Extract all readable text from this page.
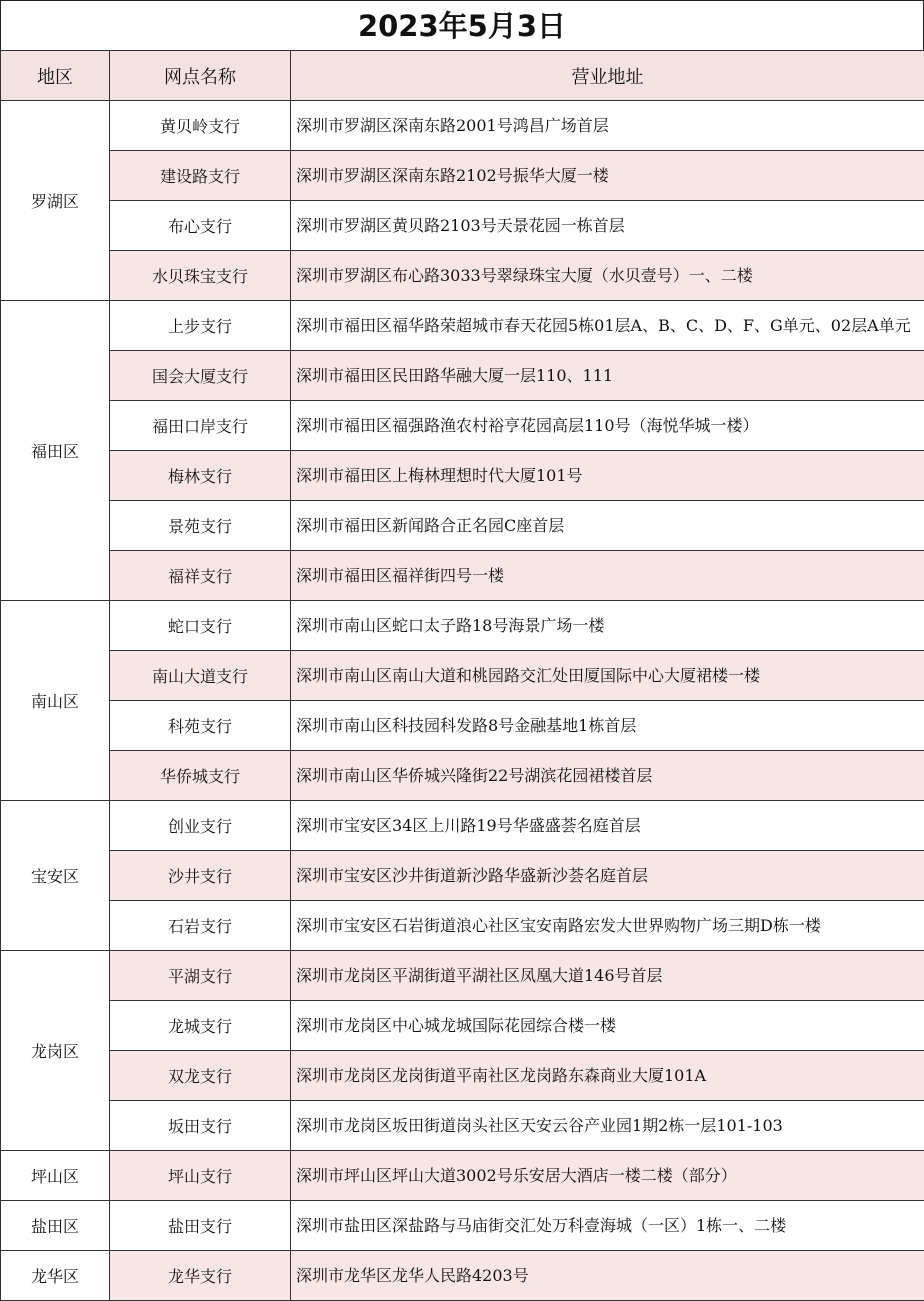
2023年5月3日
地区	网点名称	营业地址
罗湖区	黄贝岭支行	深圳市罗湖区深南东路2001号鸿昌广场首层
	建设路支行	深圳市罗湖区深南东路2102号振华大厦一楼
	布心支行	深圳市罗湖区黄贝路2103号天景花园一栋首层
	水贝珠宝支行	深圳市罗湖区布心路3033号翠绿珠宝大厦（水贝壹号）一、二楼
福田区	上步支行	深圳市福田区福华路荣超城市春天花园5栋01层A、B、C、D、F、G单元、02层A单元
	国会大厦支行	深圳市福田区民田路华融大厦一层110、111
	福田口岸支行	深圳市福田区福强路渔农村裕亨花园高层110号（海悦华城一楼）
	梅林支行	深圳市福田区上梅林理想时代大厦101号
	景苑支行	深圳市福田区新闻路合正名园C座首层
	福祥支行	深圳市福田区福祥街四号一楼
南山区	蛇口支行	深圳市南山区蛇口太子路18号海景广场一楼
	南山大道支行	深圳市南山区南山大道和桃园路交汇处田厦国际中心大厦裙楼一楼
	科苑支行	深圳市南山区科技园科发路8号金融基地1栋首层
	华侨城支行	深圳市南山区华侨城兴隆街22号湖滨花园裙楼首层
宝安区	创业支行	深圳市宝安区34区上川路19号华盛盛荟名庭首层
	沙井支行	深圳市宝安区沙井街道新沙路华盛新沙荟名庭首层
	石岩支行	深圳市宝安区石岩街道浪心社区宝安南路宏发大世界购物广场三期D栋一楼
龙岗区	平湖支行	深圳市龙岗区平湖街道平湖社区凤凰大道146号首层
	龙城支行	深圳市龙岗区中心城龙城国际花园综合楼一楼
	双龙支行	深圳市龙岗区龙岗街道平南社区龙岗路东森商业大厦101A
	坂田支行	深圳市龙岗区坂田街道岗头社区天安云谷产业园1期2栋一层101-103
坪山区	坪山支行	深圳市坪山区坪山大道3002号乐安居大酒店一楼二楼（部分）
盐田区	盐田支行	深圳市盐田区深盐路与马庙街交汇处万科壹海城（一区）1栋一、二楼
龙华区	龙华支行	深圳市龙华区龙华人民路4203号
